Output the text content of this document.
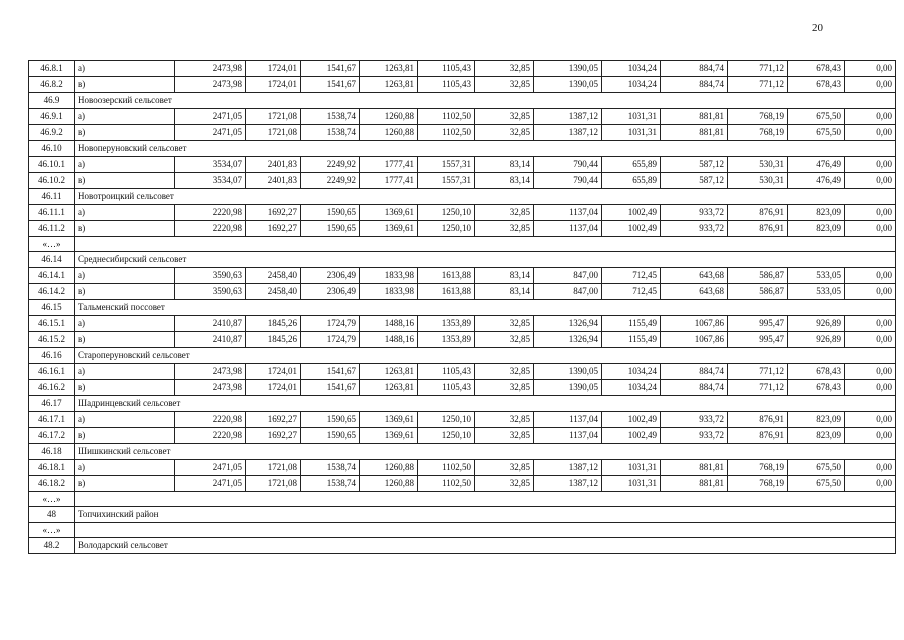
20
46.8.1	а)	2473,98	1724,01	1541,67	1263,81	1105,43	32,85	1390,05	1034,24	884,74	771,12	678,43	0,00
46.8.2	в)	2473,98	1724,01	1541,67	1263,81	1105,43	32,85	1390,05	1034,24	884,74	771,12	678,43	0,00
46.9	Новоозерский сельсовет												
46.9.1	а)	2471,05	1721,08	1538,74	1260,88	1102,50	32,85	1387,12	1031,31	881,81	768,19	675,50	0,00
46.9.2	в)	2471,05	1721,08	1538,74	1260,88	1102,50	32,85	1387,12	1031,31	881,81	768,19	675,50	0,00
46.10	Новоперуновский сельсовет												
46.10.1	а)	3534,07	2401,83	2249,92	1777,41	1557,31	83,14	790,44	655,89	587,12	530,31	476,49	0,00
46.10.2	в)	3534,07	2401,83	2249,92	1777,41	1557,31	83,14	790,44	655,89	587,12	530,31	476,49	0,00
46.11	Новотроицкий сельсовет												
46.11.1	а)	2220,98	1692,27	1590,65	1369,61	1250,10	32,85	1137,04	1002,49	933,72	876,91	823,09	0,00
46.11.2	в)	2220,98	1692,27	1590,65	1369,61	1250,10	32,85	1137,04	1002,49	933,72	876,91	823,09	0,00
«…»													
46.14	Среднесибирский сельсовет												
46.14.1	а)	3590,63	2458,40	2306,49	1833,98	1613,88	83,14	847,00	712,45	643,68	586,87	533,05	0,00
46.14.2	в)	3590,63	2458,40	2306,49	1833,98	1613,88	83,14	847,00	712,45	643,68	586,87	533,05	0,00
46.15	Тальменский поссовет												
46.15.1	а)	2410,87	1845,26	1724,79	1488,16	1353,89	32,85	1326,94	1155,49	1067,86	995,47	926,89	0,00
46.15.2	в)	2410,87	1845,26	1724,79	1488,16	1353,89	32,85	1326,94	1155,49	1067,86	995,47	926,89	0,00
46.16	Староперуновский сельсовет												
46.16.1	а)	2473,98	1724,01	1541,67	1263,81	1105,43	32,85	1390,05	1034,24	884,74	771,12	678,43	0,00
46.16.2	в)	2473,98	1724,01	1541,67	1263,81	1105,43	32,85	1390,05	1034,24	884,74	771,12	678,43	0,00
46.17	Шадринцевский сельсовет												
46.17.1	а)	2220,98	1692,27	1590,65	1369,61	1250,10	32,85	1137,04	1002,49	933,72	876,91	823,09	0,00
46.17.2	в)	2220,98	1692,27	1590,65	1369,61	1250,10	32,85	1137,04	1002,49	933,72	876,91	823,09	0,00
46.18	Шишкинский сельсовет												
46.18.1	а)	2471,05	1721,08	1538,74	1260,88	1102,50	32,85	1387,12	1031,31	881,81	768,19	675,50	0,00
46.18.2	в)	2471,05	1721,08	1538,74	1260,88	1102,50	32,85	1387,12	1031,31	881,81	768,19	675,50	0,00
«…»													
48	Топчихинский район												
«…»													
48.2	Володарский сельсовет												
